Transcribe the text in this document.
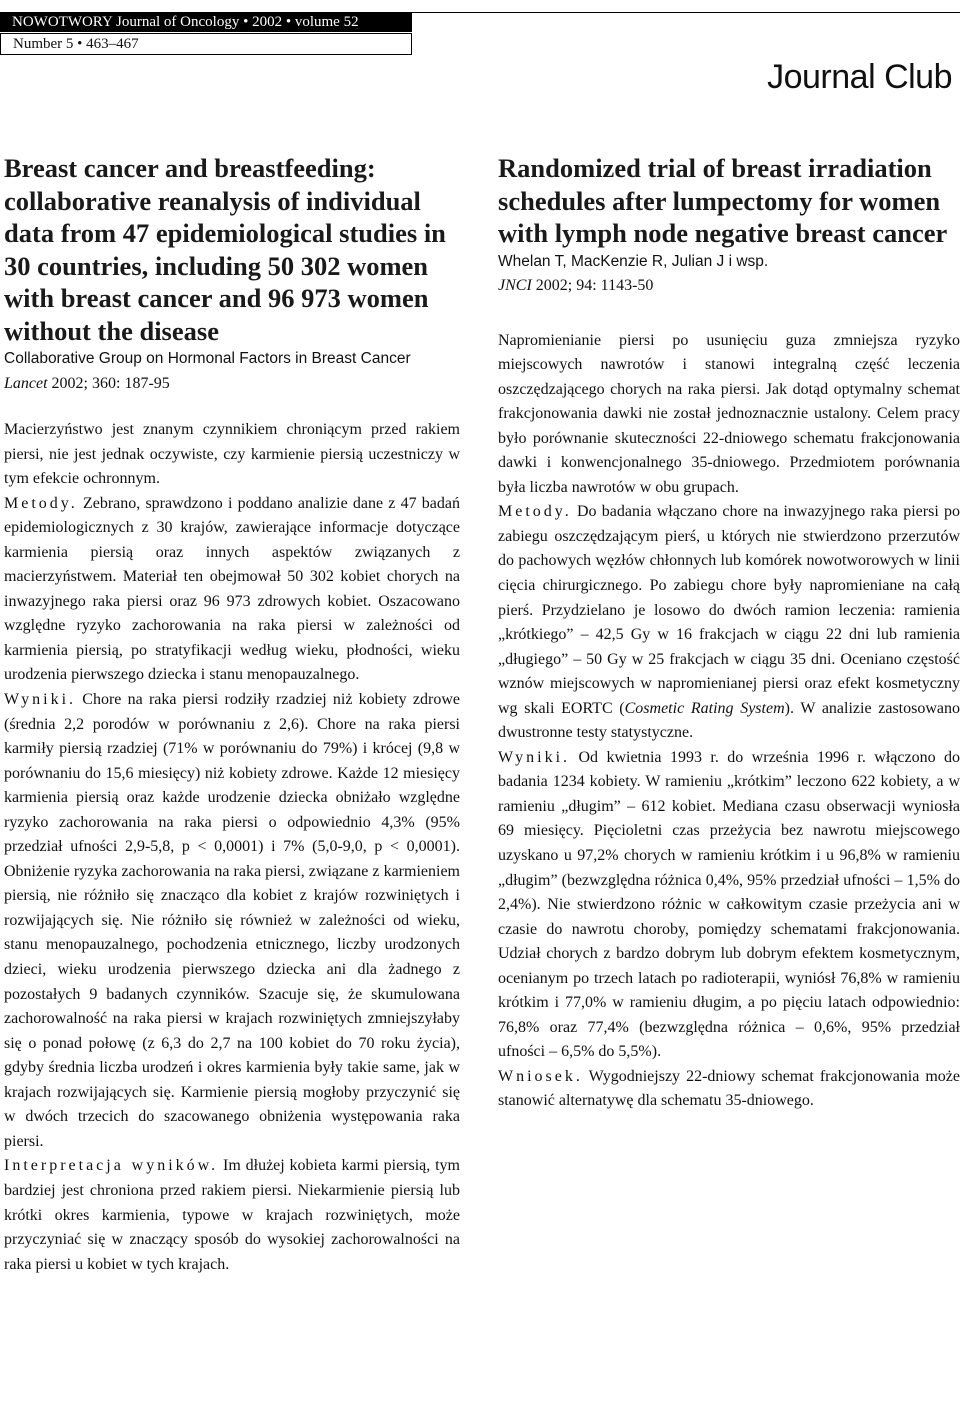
NOWOTWORY Journal of Oncology • 2002 • volume 52
Number 5 • 463–467
Journal Club
Breast cancer and breastfeeding: collaborative reanalysis of individual data from 47 epidemiological studies in 30 countries, including 50 302 women with breast cancer and 96 973 women without the disease

Collaborative Group on Hormonal Factors in Breast Cancer

Lancet 2002; 360: 187-95

Macierzyństwo jest znanym czynnikiem chroniącym przed rakiem piersi, nie jest jednak oczywiste, czy karmienie piersią uczestniczy w tym efekcie ochronnym.

Metody. Zebrano, sprawdzono i poddano analizie dane z 47 badań epidemiologicznych z 30 krajów, zawierające informacje dotyczące karmienia piersią oraz innych aspektów związanych z macierzyństwem. Materiał ten obejmował 50 302 kobiet chorych na inwazyjnego raka piersi oraz 96 973 zdrowych kobiet. Oszacowano względne ryzyko zachorowania na raka piersi w zależności od karmienia piersią, po stratyfikacji według wieku, płodności, wieku urodzenia pierwszego dziecka i stanu menopauzalnego.

Wyniki. Chore na raka piersi rodziły rzadziej niż kobiety zdrowe (średnia 2,2 porodów w porównaniu z 2,6). Chore na raka piersi karmiły piersią rzadziej (71% w porównaniu do 79%) i krócej (9,8 w porównaniu do 15,6 miesięcy) niż kobiety zdrowe. Każde 12 miesięcy karmienia piersią oraz każde urodzenie dziecka obniżało względne ryzyko zachorowania na raka piersi o odpowiednio 4,3% (95% przedział ufności 2,9-5,8, p < 0,0001) i 7% (5,0-9,0, p < 0,0001). Obniżenie ryzyka zachorowania na raka piersi, związane z karmieniem piersią, nie różniło się znacząco dla kobiet z krajów rozwiniętych i rozwijających się. Nie różniło się również w zależności od wieku, stanu menopauzalnego, pochodzenia etnicznego, liczby urodzonych dzieci, wieku urodzenia pierwszego dziecka ani dla żadnego z pozostałych 9 badanych czynników. Szacuje się, że skumulowana zachorowalność na raka piersi w krajach rozwiniętych zmniejszyłaby się o ponad połowę (z 6,3 do 2,7 na 100 kobiet do 70 roku życia), gdyby średnia liczba urodzeń i okres karmienia były takie same, jak w krajach rozwijających się. Karmienie piersią mogłoby przyczynić się w dwóch trzecich do szacowanego obniżenia występowania raka piersi.

Interpretacja wyników. Im dłużej kobieta karmi piersią, tym bardziej jest chroniona przed rakiem piersi. Niekarmienie piersią lub krótki okres karmienia, typowe w krajach rozwiniętych, może przyczyniać się w znaczący sposób do wysokiej zachorowalności na raka piersi u kobiet w tych krajach.

Randomized trial of breast irradiation schedules after lumpectomy for women with lymph node negative breast cancer

Whelan T, MacKenzie R, Julian J i wsp.

JNCI 2002; 94: 1143-50

Napromienianie piersi po usunięciu guza zmniejsza ryzyko miejscowych nawrotów i stanowi integralną część leczenia oszczędzającego chorych na raka piersi. Jak dotąd optymalny schemat frakcjonowania dawki nie został jednoznacznie ustalony. Celem pracy było porównanie skuteczności 22-dniowego schematu frakcjonowania dawki i konwencjonalnego 35-dniowego. Przedmiotem porównania była liczba nawrotów w obu grupach.

Metody. Do badania włączano chore na inwazyjnego raka piersi po zabiegu oszczędzającym pierś, u których nie stwierdzono przerzutów do pachowych węzłów chłonnych lub komórek nowotworowych w linii cięcia chirurgicznego. Po zabiegu chore były napromieniane na całą pierś. Przydzielano je losowo do dwóch ramion leczenia: ramienia „krótkiego” – 42,5 Gy w 16 frakcjach w ciągu 22 dni lub ramienia „długiego” – 50 Gy w 25 frakcjach w ciągu 35 dni. Oceniano częstość wznów miejscowych w napromienianej piersi oraz efekt kosmetyczny wg skali EORTC (Cosmetic Rating System). W analizie zastosowano dwustronne testy statystyczne.

Wyniki. Od kwietnia 1993 r. do września 1996 r. włączono do badania 1234 kobiety. W ramieniu „krótkim” leczono 622 kobiety, a w ramieniu „długim” – 612 kobiet. Mediana czasu obserwacji wyniosła 69 miesięcy. Pięcioletni czas przeżycia bez nawrotu miejscowego uzyskano u 97,2% chorych w ramieniu krótkim i u 96,8% w ramieniu „długim” (bezwzględna różnica 0,4%, 95% przedział ufności – 1,5% do 2,4%). Nie stwierdzono różnic w całkowitym czasie przeżycia ani w czasie do nawrotu choroby, pomiędzy schematami frakcjonowania. Udział chorych z bardzo dobrym lub dobrym efektem kosmetycznym, ocenianym po trzech latach po radioterapii, wyniósł 76,8% w ramieniu krótkim i 77,0% w ramieniu długim, a po pięciu latach odpowiednio: 76,8% oraz 77,4% (bezwzględna różnica – 0,6%, 95% przedział ufności – 6,5% do 5,5%).

Wniosek. Wygodniejszy 22-dniowy schemat frakcjonowania może stanowić alternatywę dla schematu 35-dniowego.
